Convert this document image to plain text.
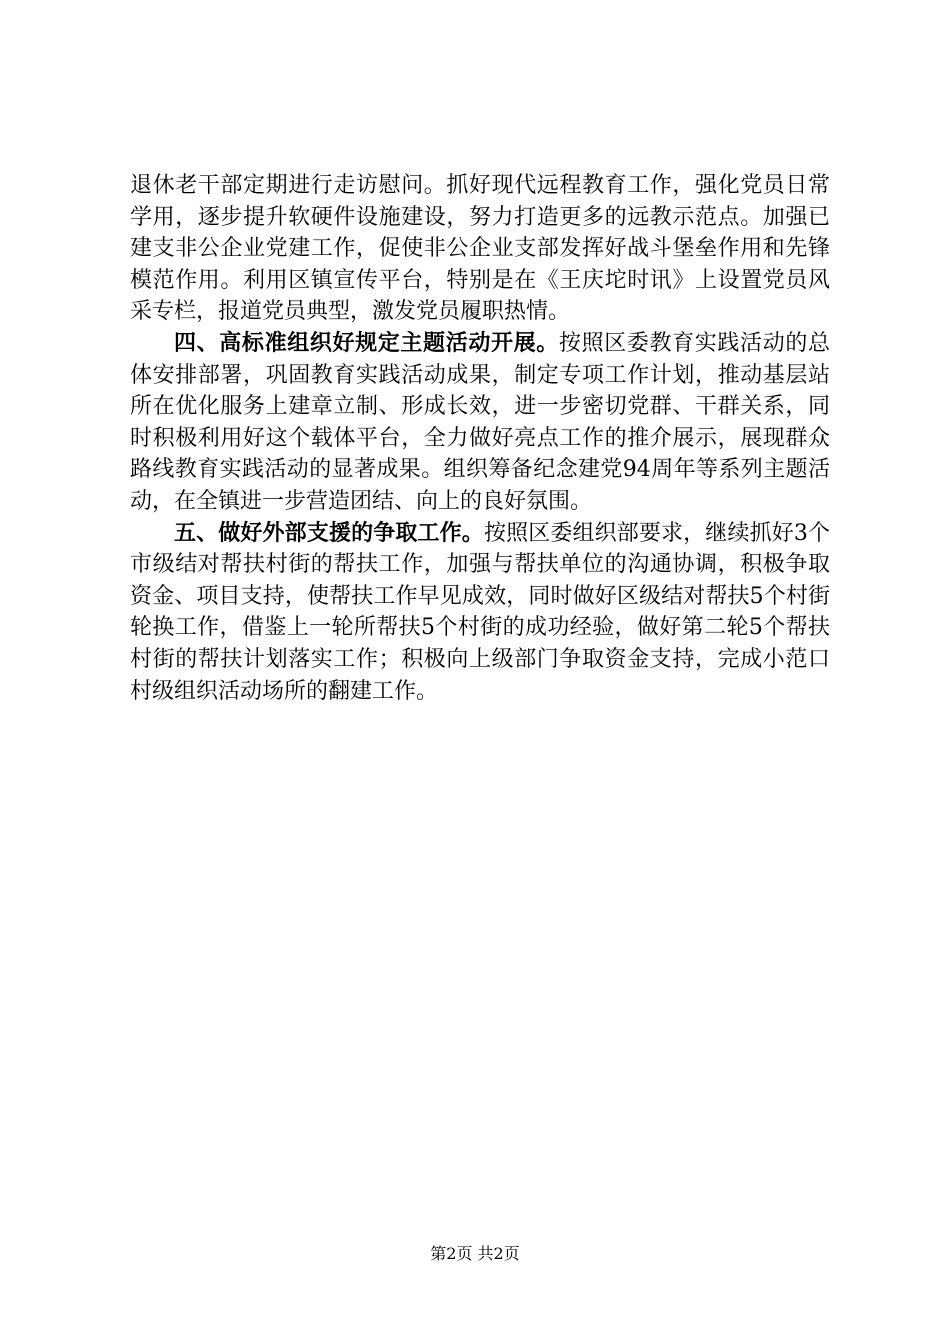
退休老干部定期进行走访慰问。抓好现代远程教育工作，强化党员日常学用，逐步提升软硬件设施建设，努力打造更多的远教示范点。加强已建支非公企业党建工作，促使非公企业支部发挥好战斗堡垒作用和先锋模范作用。利用区镇宣传平台，特别是在《王庆坨时讯》上设置党员风采专栏，报道党员典型，激发党员履职热情。

四、高标准组织好规定主题活动开展。按照区委教育实践活动的总体安排部署，巩固教育实践活动成果，制定专项工作计划，推动基层站所在优化服务上建章立制、形成长效，进一步密切党群、干群关系，同时积极利用好这个载体平台，全力做好亮点工作的推介展示，展现群众路线教育实践活动的显著成果。组织筹备纪念建党94周年等系列主题活动，在全镇进一步营造团结、向上的良好氛围。

五、做好外部支援的争取工作。按照区委组织部要求，继续抓好3个市级结对帮扶村街的帮扶工作，加强与帮扶单位的沟通协调，积极争取资金、项目支持，使帮扶工作早见成效，同时做好区级结对帮扶5个村街轮换工作，借鉴上一轮所帮扶5个村街的成功经验，做好第二轮5个帮扶村街的帮扶计划落实工作；积极向上级部门争取资金支持，完成小范口村级组织活动场所的翻建工作。

第2页 共2页
